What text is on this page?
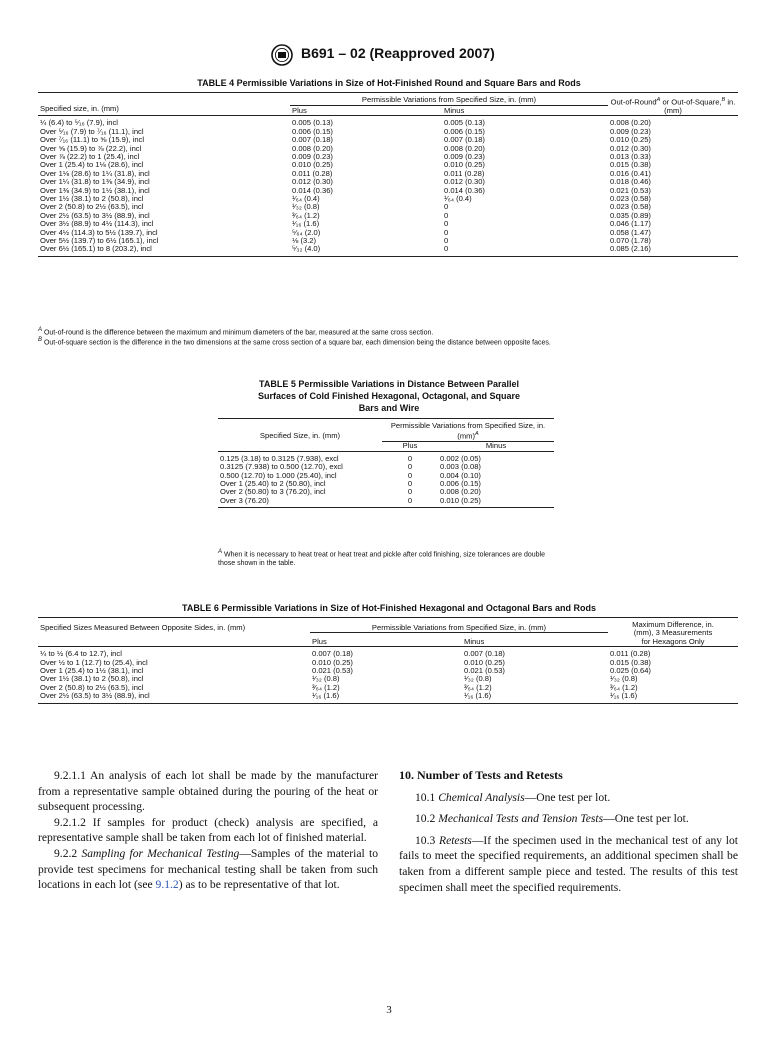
B691 – 02 (Reapproved 2007)
TABLE 4 Permissible Variations in Size of Hot-Finished Round and Square Bars and Rods
Specified size, in. (mm)	Permissible Variations from Specified Size, in. (mm)		Out-of-Round$^A$ or Out-of-Square,$^B$ in. (mm)
	Plus	Minus	
¼ (6.4) to ⁵⁄₁₆ (7.9), incl	0.005 (0.13)	0.005 (0.13)	0.008 (0.20)
Over ⁵⁄₁₆ (7.9) to ⁷⁄₁₆ (11.1), incl	0.006 (0.15)	0.006 (0.15)	0.009 (0.23)
Over ⁷⁄₁₆ (11.1) to ⅝ (15.9), incl	0.007 (0.18)	0.007 (0.18)	0.010 (0.25)
Over ⅝ (15.9) to ⅞ (22.2), incl	0.008 (0.20)	0.008 (0.20)	0.012 (0.30)
Over ⅞ (22.2) to 1 (25.4), incl	0.009 (0.23)	0.009 (0.23)	0.013 (0.33)
Over 1 (25.4) to 1⅛ (28.6), incl	0.010 (0.25)	0.010 (0.25)	0.015 (0.38)
Over 1⅛ (28.6) to 1¼ (31.8), incl	0.011 (0.28)	0.011 (0.28)	0.016 (0.41)
Over 1¼ (31.8) to 1⅜ (34.9), incl	0.012 (0.30)	0.012 (0.30)	0.018 (0.46)
Over 1⅜ (34.9) to 1½ (38.1), incl	0.014 (0.36)	0.014 (0.36)	0.021 (0.53)
Over 1½ (38.1) to 2 (50.8), incl	¹⁄₆₄ (0.4)	¹⁄₆₄ (0.4)	0.023 (0.58)
Over 2 (50.8) to 2½ (63.5), incl	¹⁄₃₂ (0.8)	0	0.023 (0.58)
Over 2½ (63.5) to 3½ (88.9), incl	³⁄₆₄ (1.2)	0	0.035 (0.89)
Over 3½ (88.9) to 4½ (114.3), incl	¹⁄₁₆ (1.6)	0	0.046 (1.17)
Over 4½ (114.3) to 5½ (139.7), incl	⁵⁄₆₄ (2.0)	0	0.058 (1.47)
Over 5½ (139.7) to 6½ (165.1), incl	⅛ (3.2)	0	0.070 (1.78)
Over 6½ (165.1) to 8 (203.2), incl	⁵⁄₃₂ (4.0)	0	0.085 (2.16)
$^A$ Out-of-round is the difference between the maximum and minimum diameters of the bar, measured at the same cross section.
$^B$ Out-of-square section is the difference in the two dimensions at the same cross section of a square bar, each dimension being the distance between opposite faces.
TABLE 5 Permissible Variations in Distance Between Parallel
Surfaces of Cold Finished Hexagonal, Octagonal, and Square
Bars and Wire
Specified Size, in. (mm)	Permissible Variations from Specified Size, in. (mm)$^A$
	Plus	Minus
0.125 (3.18) to 0.3125 (7.938), excl	0	0.002 (0.05)
0.3125 (7.938) to 0.500 (12.70), excl	0	0.003 (0.08)
0.500 (12.70) to 1.000 (25.40), incl	0	0.004 (0.10)
Over 1 (25.40) to 2 (50.80), incl	0	0.006 (0.15)
Over 2 (50.80) to 3 (76.20), incl	0	0.008 (0.20)
Over 3 (76.20)	0	0.010 (0.25)
$^A$ When it is necessary to heat treat or heat treat and pickle after cold finishing, size tolerances are double those shown in the table.
TABLE 6 Permissible Variations in Size of Hot-Finished Hexagonal and Octagonal Bars and Rods
Specified Sizes Measured Between Opposite Sides, in. (mm)	Permissible Variations from Specified Size, in. (mm)		Maximum Difference, in. (mm), 3 Measurements for Hexagons Only
	Plus	Minus	
¼ to ½ (6.4 to 12.7), incl	0.007 (0.18)	0.007 (0.18)	0.011 (0.28)
Over ½ to 1 (12.7) to (25.4), incl	0.010 (0.25)	0.010 (0.25)	0.015 (0.38)
Over 1 (25.4) to 1½ (38.1), incl	0.021 (0.53)	0.021 (0.53)	0.025 (0.64)
Over 1½ (38.1) to 2 (50.8), incl	¹⁄₃₂ (0.8)	¹⁄₃₂ (0.8)	¹⁄₃₂ (0.8)
Over 2 (50.8) to 2½ (63.5), incl	³⁄₆₄ (1.2)	³⁄₆₄ (1.2)	³⁄₆₄ (1.2)
Over 2½ (63.5) to 3½ (88.9), incl	¹⁄₁₆ (1.6)	¹⁄₁₆ (1.6)	¹⁄₁₆ (1.6)

9.2.1.1 An analysis of each lot shall be made by the manufacturer from a representative sample obtained during the pouring of the heat or subsequent processing.

9.2.1.2 If samples for product (check) analysis are specified, a representative sample shall be taken from each lot of finished material.

9.2.2 Sampling for Mechanical Testing—Samples of the material to provide test specimens for mechanical testing shall be taken from such locations in each lot (see 9.1.2) as to be representative of that lot.

10. Number of Tests and Retests

10.1 Chemical Analysis—One test per lot.

10.2 Mechanical Tests and Tension Tests—One test per lot.

10.3 Retests—If the specimen used in the mechanical test of any lot fails to meet the specified requirements, an additional specimen shall be taken from a different sample piece and tested. The results of this test specimen shall meet the specified requirements.

3
